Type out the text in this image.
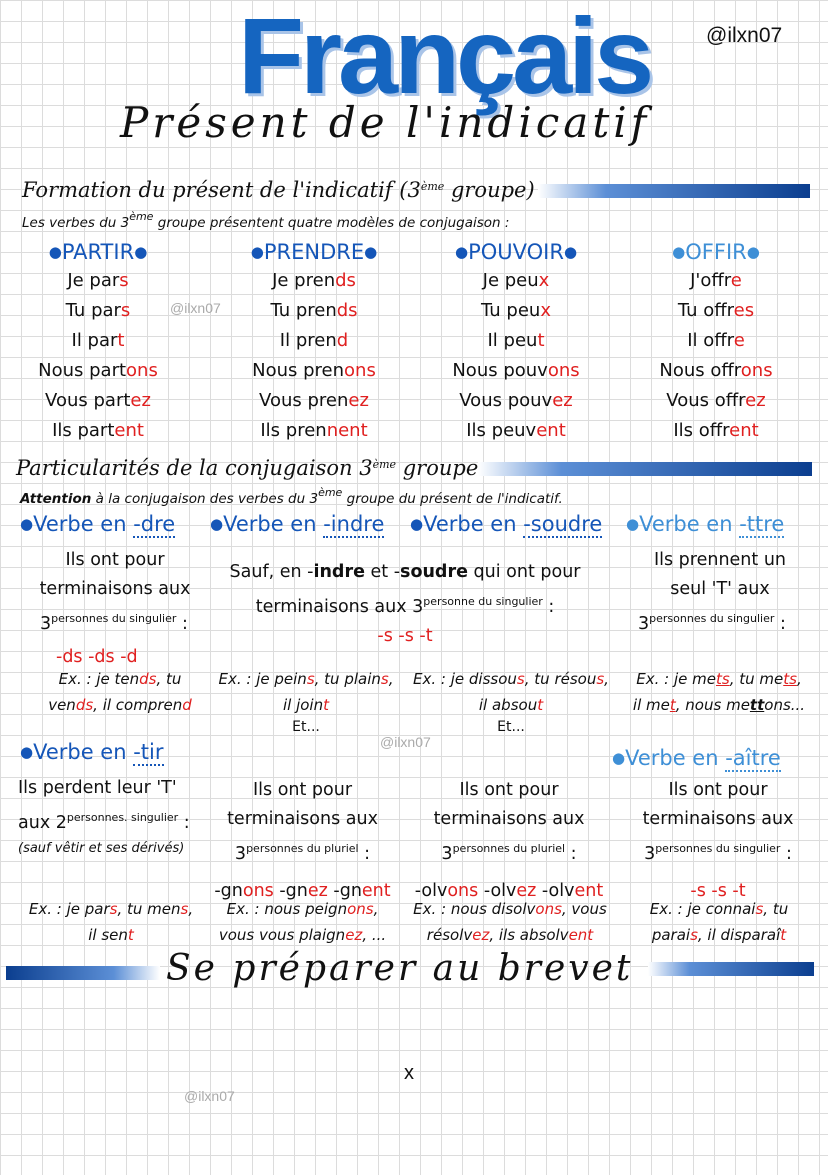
@ilxn07
Français
Présent de l'indicatif
Formation du présent de l'indicatif (3ème groupe)
Les verbes du 3ème groupe présentent quatre modèles de conjugaison :
@ilxn07
●PARTIR●
Je pars
Tu pars
Il part
Nous partons
Vous partez
Ils partent
●PRENDRE●
Je prends
Tu prends
Il prend
Nous prenons
Vous prenez
Ils prennent
●POUVOIR●
Je peux
Tu peux
Il peut
Nous pouvons
Vous pouvez
Ils peuvent
●OFFIR●
J'offre
Tu offres
Il offre
Nous offrons
Vous offrez
Ils offrent
Particularités de la conjugaison 3ème groupe
Attention à la conjugaison des verbes du 3ème groupe du présent de l'indicatif.
●Verbe en -dre ●Verbe en -indre ●Verbe en -soudre ●Verbe en -ttre
Ils ont pour
terminaisons aux
$3^{personnes du singulier}$ :
-ds -ds -d
Ex. : je tends, tu
vends, il comprend
Sauf, en -indre et -soudre qui ont pour
terminaisons aux $3^{personne du singulier}$ :
-s -s -t
Ex. : je peins, tu plains,
il joint
Et...
Ex. : je dissous, tu résous,
il absout
Et...
Ils prennent un
seul 'T' aux
$3^{personnes du singulier}$ :
Ex. : je mets, tu mets,
il met, nous mettons...
@ilxn07
●Verbe en -tir	●Verbe en -aître
Ils perdent leur 'T'
aux $2^{personnes. singulier}$ :
(sauf vêtir et ses dérivés)
Ex. : je pars, tu mens,
il sent
Ils ont pour
terminaisons aux
$3^{personnes du pluriel}$ :
-gnons -gnez -gnent
Ex. : nous peignons,
vous vous plaignez, ...
Ils ont pour
terminaisons aux
$3^{personnes du pluriel}$ :
-olvons -olvez -olvent
Ex. : nous disolvons, vous
résolvez, ils absolvent
Ils ont pour
terminaisons aux
$3^{personnes du singulier}$ :
-s -s -t
Ex. : je connais, tu
parais, il disparaît
Se préparer au brevet
x
@ilxn07
